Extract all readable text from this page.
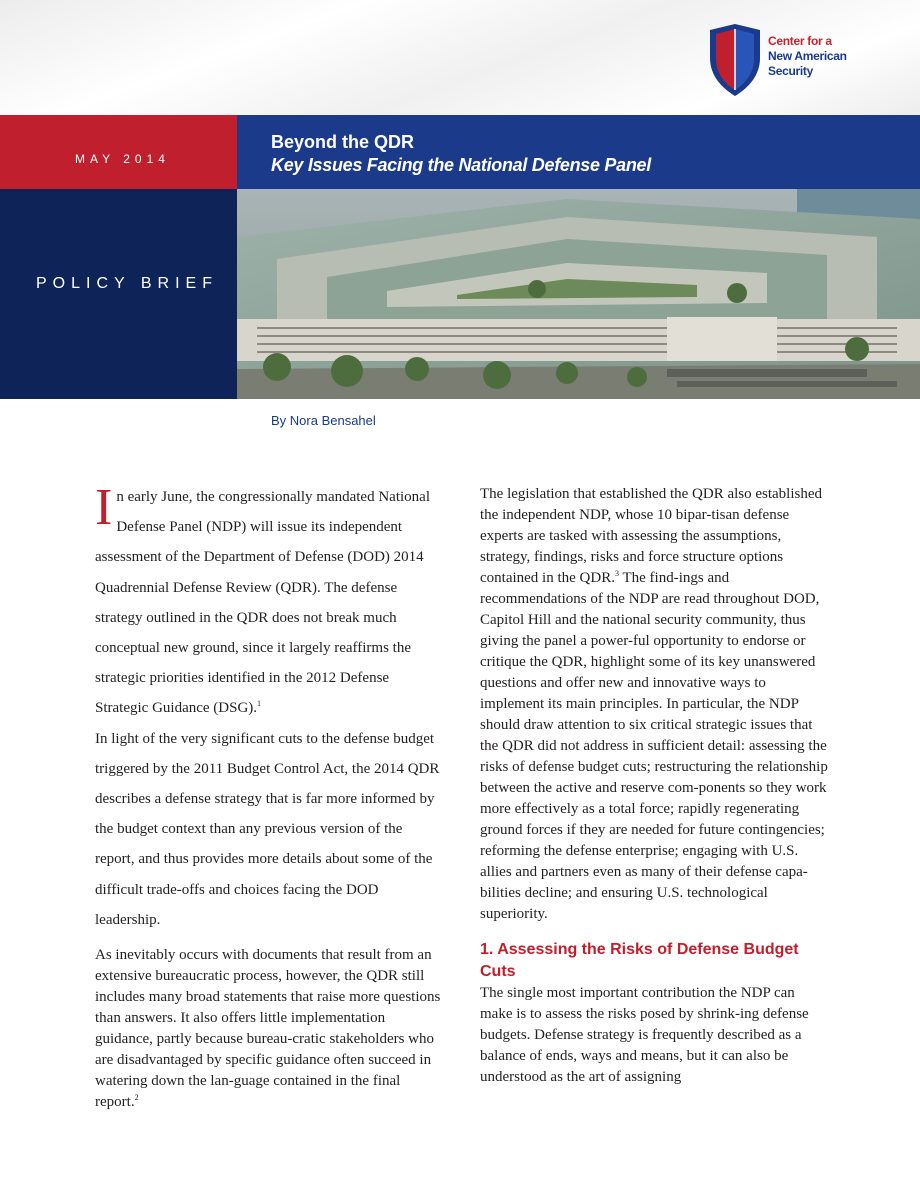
Center for a
New American
Security
MAY 2014
Beyond the QDR
Key Issues Facing the National Defense Panel
POLICY BRIEF
By Nora Bensahel

In early June, the congressionally mandated National Defense Panel (NDP) will issue its independent assessment of the Department of Defense (DOD) 2014 Quadrennial Defense Review (QDR). The defense strategy outlined in the QDR does not break much conceptual new ground, since it largely reaffirms the strategic priorities identified in the 2012 Defense Strategic Guidance (DSG).$^1$

In light of the very significant cuts to the defense budget triggered by the 2011 Budget Control Act, the 2014 QDR describes a defense strategy that is far more informed by the budget context than any previous version of the report, and thus provides more details about some of the difficult trade-offs and choices facing the DOD leadership.

As inevitably occurs with documents that result from an extensive bureaucratic process, however, the QDR still includes many broad statements that raise more questions than answers. It also offers little implementation guidance, partly because bureau-cratic stakeholders who are disadvantaged by specific guidance often succeed in watering down the lan-guage contained in the final report.$^2$

The legislation that established the QDR also established the independent NDP, whose 10 bipar-tisan defense experts are tasked with assessing the assumptions, strategy, findings, risks and force structure options contained in the QDR.$^3$ The find-ings and recommendations of the NDP are read throughout DOD, Capitol Hill and the national security community, thus giving the panel a power-ful opportunity to endorse or critique the QDR, highlight some of its key unanswered questions and offer new and innovative ways to implement its main principles. In particular, the NDP should draw attention to six critical strategic issues that the QDR did not address in sufficient detail: assessing the risks of defense budget cuts; restructuring the relationship between the active and reserve com-ponents so they work more effectively as a total force; rapidly regenerating ground forces if they are needed for future contingencies; reforming the defense enterprise; engaging with U.S. allies and partners even as many of their defense capa-bilities decline; and ensuring U.S. technological superiority.

1. Assessing the Risks of Defense Budget Cuts

The single most important contribution the NDP can make is to assess the risks posed by shrink-ing defense budgets. Defense strategy is frequently described as a balance of ends, ways and means, but it can also be understood as the art of assigning
